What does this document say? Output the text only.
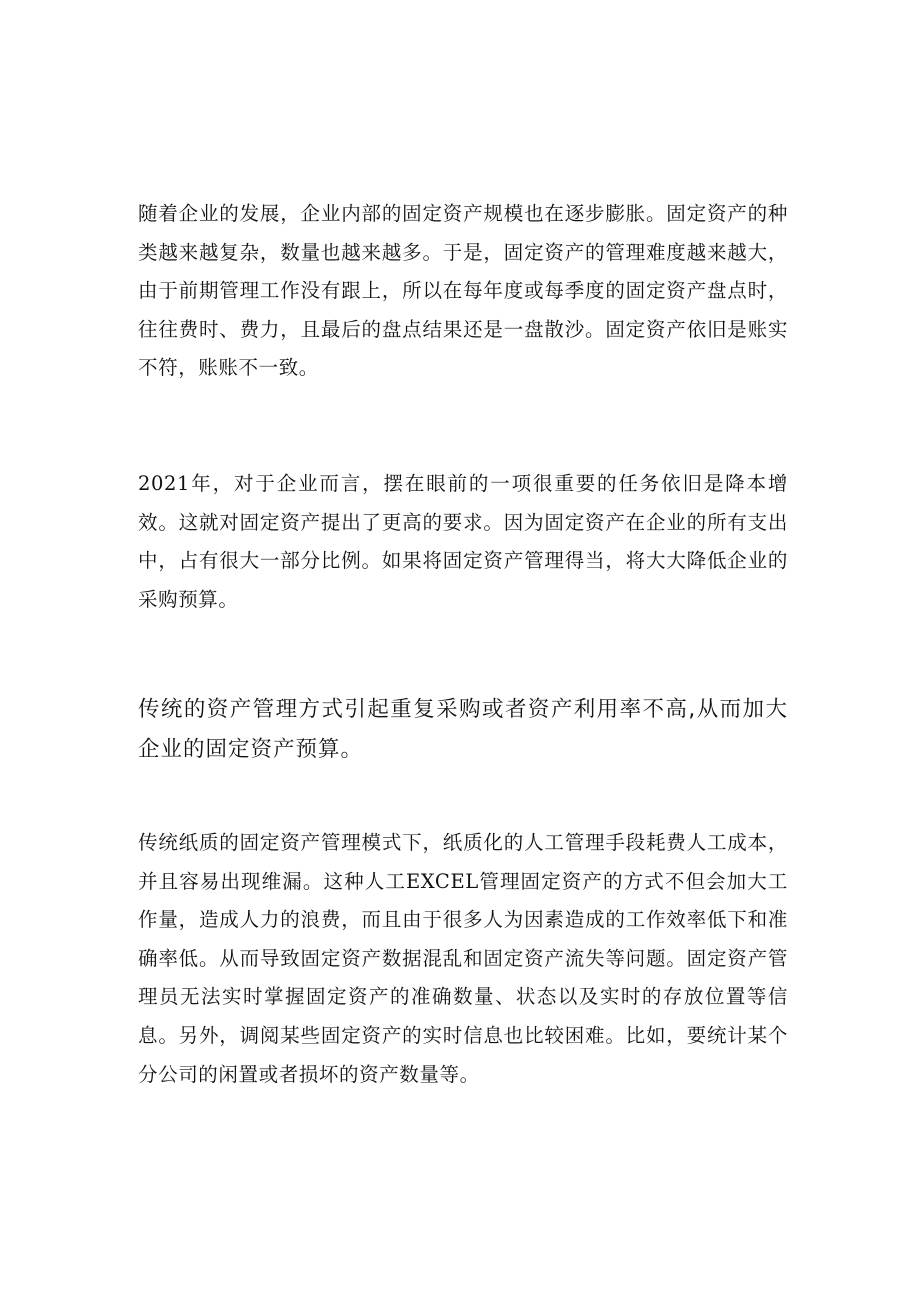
随着企业的发展，企业内部的固定资产规模也在逐步膨胀。固定资产的种类越来越复杂，数量也越来越多。于是，固定资产的管理难度越来越大，由于前期管理工作没有跟上，所以在每年度或每季度的固定资产盘点时，往往费时、费力，且最后的盘点结果还是一盘散沙。固定资产依旧是账实不符，账账不一致。

2021年，对于企业而言，摆在眼前的一项很重要的任务依旧是降本增效。这就对固定资产提出了更高的要求。因为固定资产在企业的所有支出中，占有很大一部分比例。如果将固定资产管理得当，将大大降低企业的采购预算。

传统的资产管理方式引起重复采购或者资产利用率不高,从而加大企业的固定资产预算。

传统纸质的固定资产管理模式下，纸质化的人工管理手段耗费人工成本，并且容易出现维漏。这种人工EXCEL管理固定资产的方式不但会加大工作量，造成人力的浪费，而且由于很多人为因素造成的工作效率低下和准确率低。从而导致固定资产数据混乱和固定资产流失等问题。固定资产管理员无法实时掌握固定资产的准确数量、状态以及实时的存放位置等信息。另外，调阅某些固定资产的实时信息也比较困难。比如，要统计某个分公司的闲置或者损坏的资产数量等。
